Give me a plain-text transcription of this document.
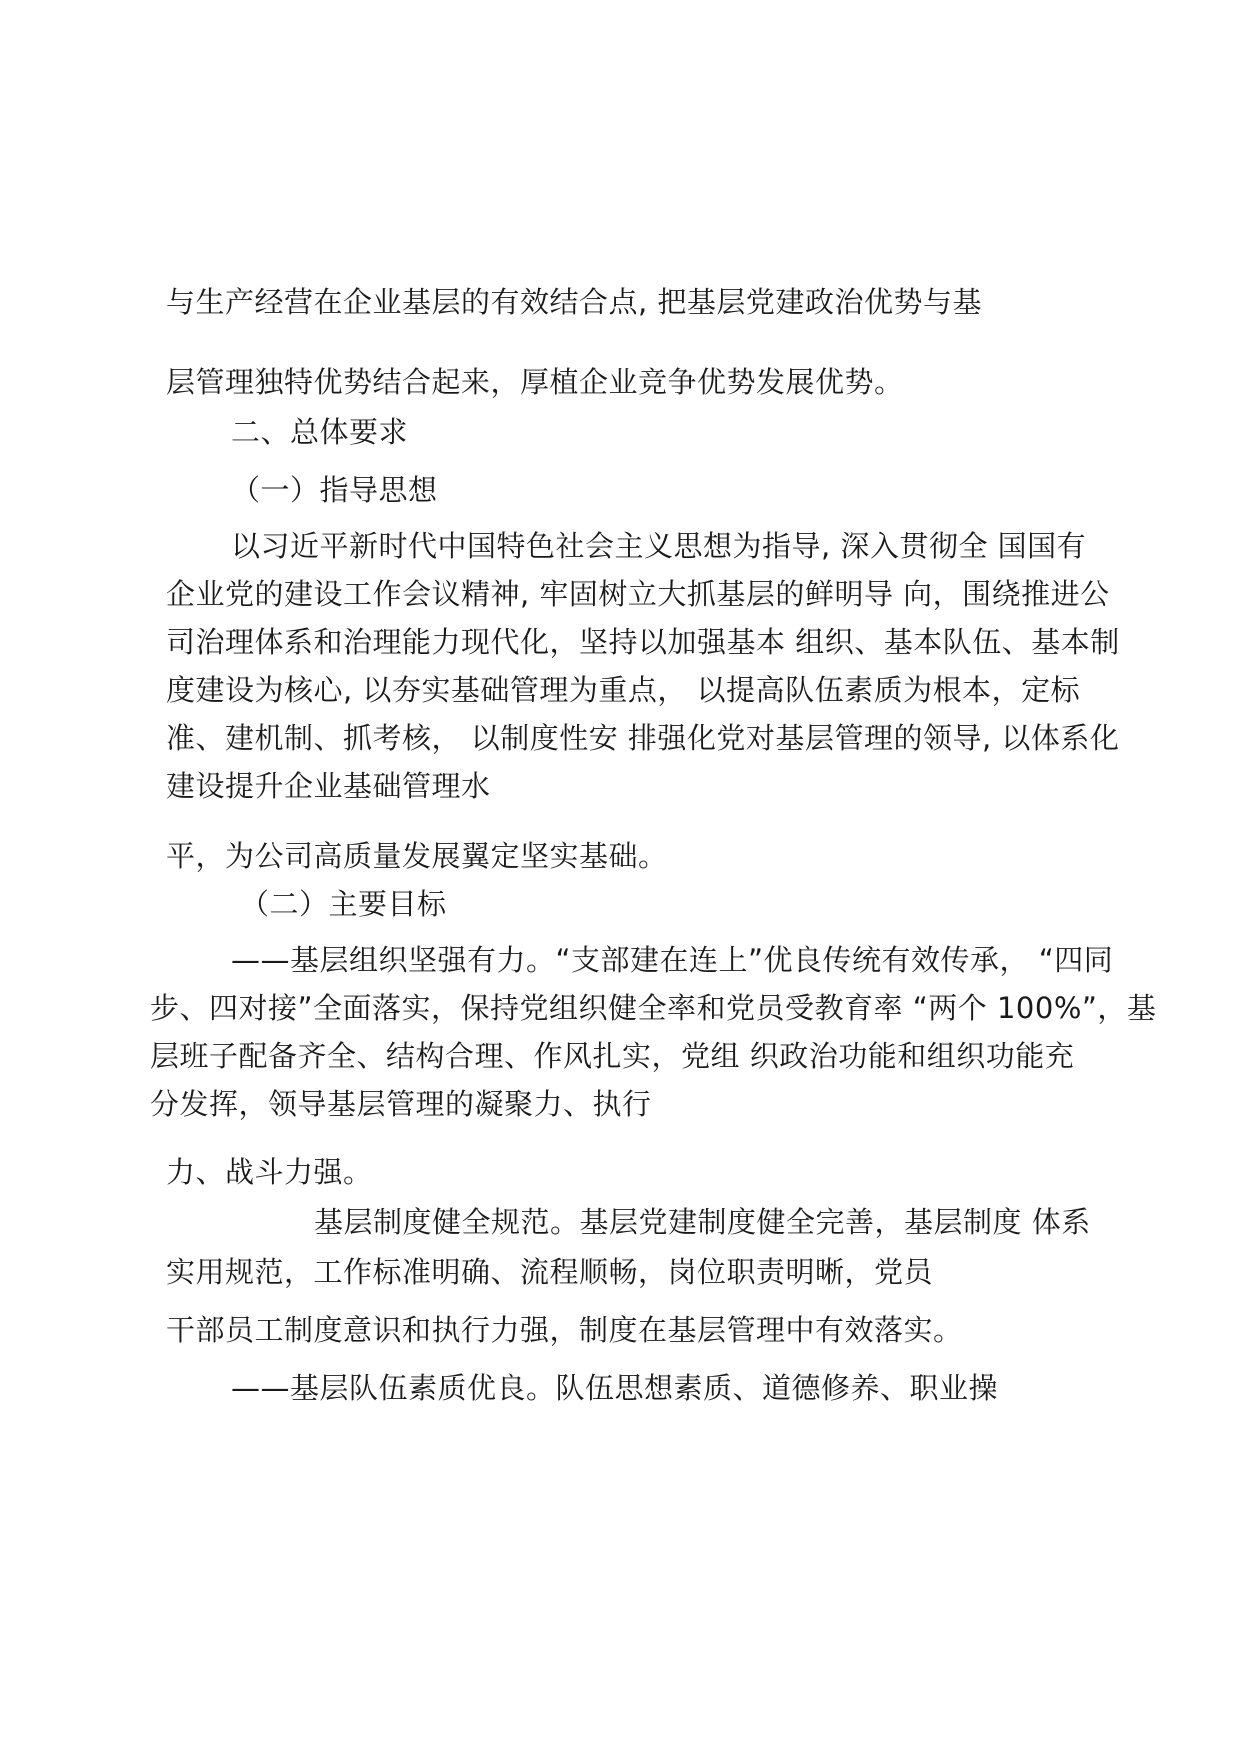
与生产经营在企业基层的有效结合点, 把基层党建政治优势与基
层管理独特优势结合起来，厚植企业竞争优势发展优势。
二、总体要求
（一）指导思想
以习近平新时代中国特色社会主义思想为指导, 深入贯彻全 国国有
企业党的建设工作会议精神, 牢固树立大抓基层的鲜明导 向，围绕推进公
司治理体系和治理能力现代化，坚持以加强基本 组织、基本队伍、基本制
度建设为核心, 以夯实基础管理为重点， 以提高队伍素质为根本，定标
准、建机制、抓考核， 以制度性安 排强化党对基层管理的领导, 以体系化
建设提升企业基础管理水
平，为公司高质量发展翼定坚实基础。
（二）主要目标
——基层组织坚强有力。“支部建在连上”优良传统有效传承， “四同
步、四对接”全面落实，保持党组织健全率和党员受教育率 “两个 100%”，基
层班子配备齐全、结构合理、作风扎实，党组 织政治功能和组织功能充
分发挥，领导基层管理的凝聚力、执行
力、战斗力强。
基层制度健全规范。基层党建制度健全完善，基层制度 体系
实用规范，工作标准明确、流程顺畅，岗位职责明晰，党员
干部员工制度意识和执行力强，制度在基层管理中有效落实。
——基层队伍素质优良。队伍思想素质、道德修养、职业操
